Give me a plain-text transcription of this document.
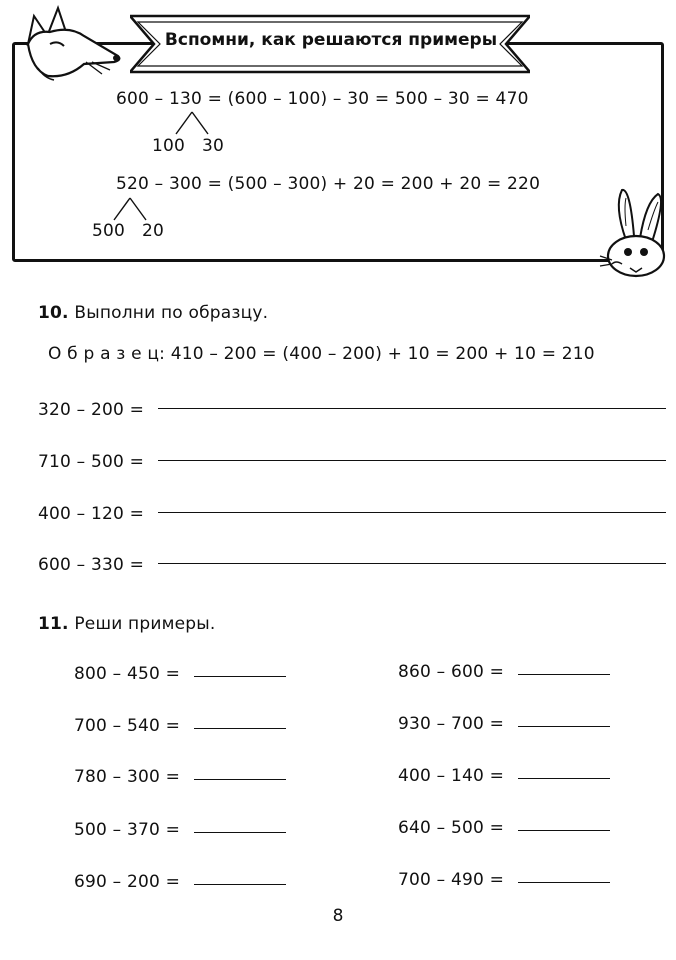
Вспомни, как решаются примеры
600 – 130 = (600 – 100) – 30 = 500 – 30 = 470
100 30
520 – 300 = (500 – 300) + 20 = 200 + 20 = 220
500 20
10. Выполни по образцу.
О б р а з е ц: 410 – 200 = (400 – 200) + 10 = 200 + 10 = 210
320 – 200 =
710 – 500 =
400 – 120 =
600 – 330 =
11. Реши примеры.
800 – 450 =
700 – 540 =
780 – 300 =
500 – 370 =
690 – 200 =
860 – 600 =
930 – 700 =
400 – 140 =
640 – 500 =
700 – 490 =
8
